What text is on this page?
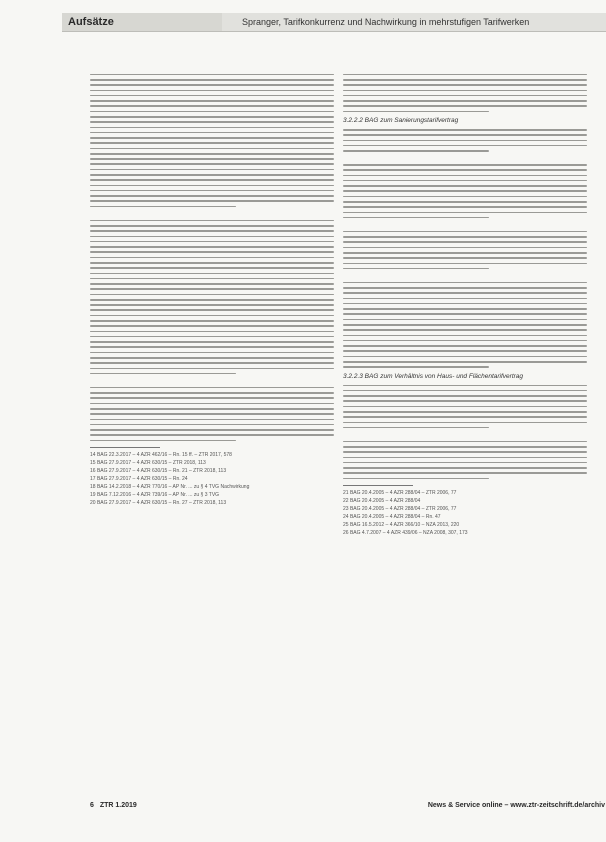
Aufsätze	Spranger, Tarifkonkurrenz und Nachwirkung in mehrstufigen Tarifwerken
14 BAG 22.3.2017 – 4 AZR 462/16 – Rn. 15 ff. – ZTR 2017, 578
15 BAG 27.9.2017 – 4 AZR 630/15 – ZTR 2018, 113
16 BAG 27.9.2017 – 4 AZR 630/15 – Rn. 21 – ZTR 2018, 113
17 BAG 27.9.2017 – 4 AZR 630/15 – Rn. 24
18 BAG 14.2.2018 – 4 AZR 770/16 – AP Nr. ... zu § 4 TVG Nachwirkung
19 BAG 7.12.2016 – 4 AZR 739/16 – AP Nr. ... zu § 3 TVG
20 BAG 27.9.2017 – 4 AZR 630/15 – Rn. 27 – ZTR 2018, 113
3.2.2.2 BAG zum Sanierungstarifvertrag
3.2.2.3 BAG zum Verhältnis von Haus- und Flächentarifvertrag
21 BAG 20.4.2005 – 4 AZR 288/04 – ZTR 2006, 77
22 BAG 20.4.2005 – 4 AZR 288/04
23 BAG 20.4.2005 – 4 AZR 288/04 – ZTR 2006, 77
24 BAG 20.4.2005 – 4 AZR 288/04 – Rn. 47
25 BAG 16.5.2012 – 4 AZR 366/10 – NZA 2013, 220
26 BAG 4.7.2007 – 4 AZR 439/06 – NZA 2008, 307, 173
6 ZTR 1.2019	News & Service online – www.ztr-zeitschrift.de/archiv
